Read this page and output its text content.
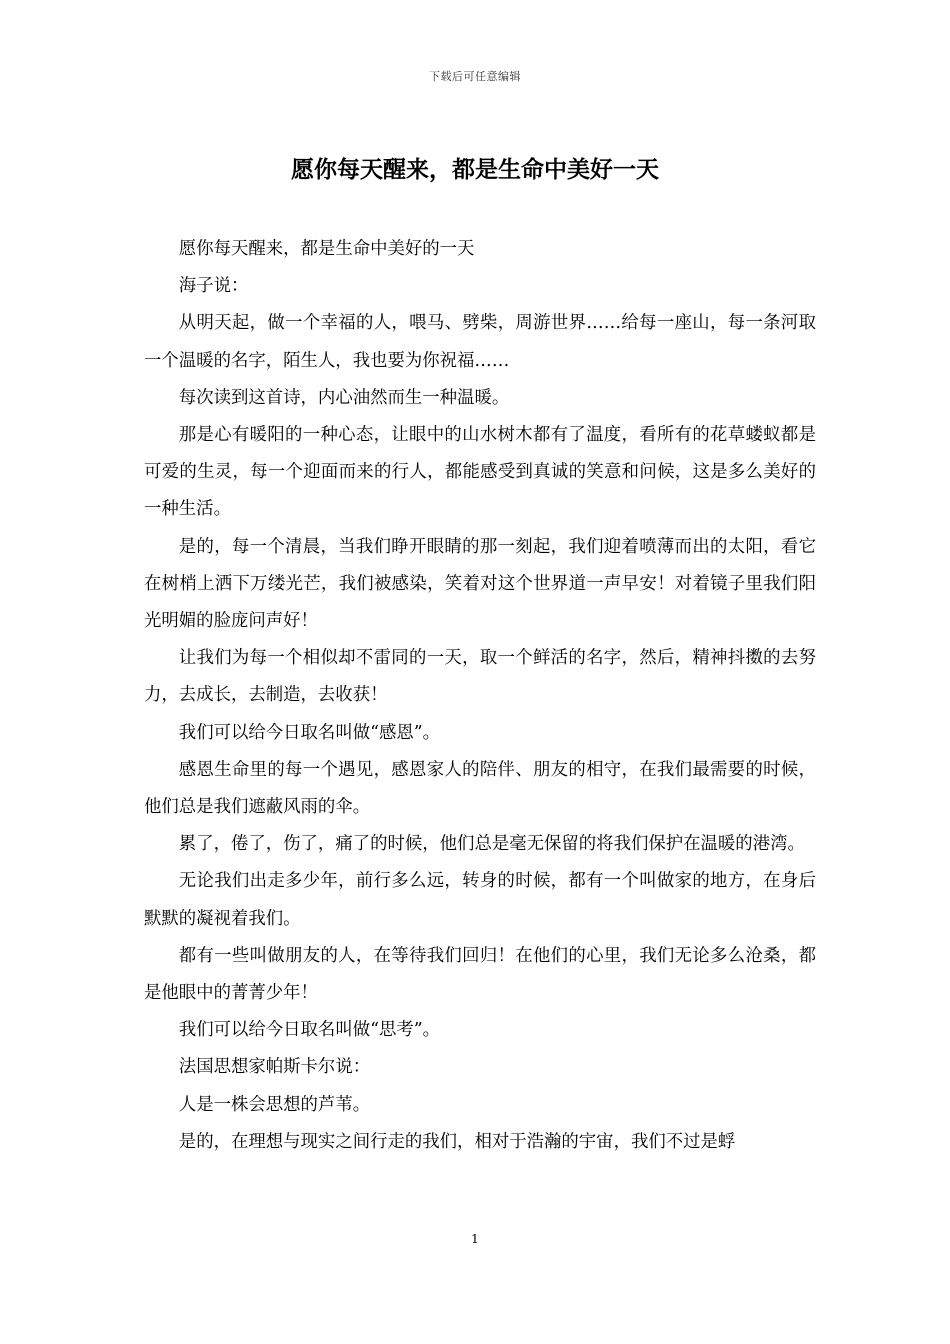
下载后可任意编辑
愿你每天醒来，都是生命中美好一天

愿你每天醒来，都是生命中美好的一天

海子说：

从明天起，做一个幸福的人，喂马、劈柴，周游世界……给每一座山，每一条河取一个温暖的名字，陌生人，我也要为你祝福……

每次读到这首诗，内心油然而生一种温暖。

那是心有暖阳的一种心态，让眼中的山水树木都有了温度，看所有的花草蝼蚁都是可爱的生灵，每一个迎面而来的行人，都能感受到真诚的笑意和问候，这是多么美好的一种生活。

是的，每一个清晨，当我们睁开眼睛的那一刻起，我们迎着喷薄而出的太阳，看它在树梢上洒下万缕光芒，我们被感染，笑着对这个世界道一声早安！对着镜子里我们阳光明媚的脸庞问声好！

让我们为每一个相似却不雷同的一天，取一个鲜活的名字，然后，精神抖擞的去努力，去成长，去制造，去收获！

我们可以给今日取名叫做“感恩”。

感恩生命里的每一个遇见，感恩家人的陪伴、朋友的相守，在我们最需要的时候，他们总是我们遮蔽风雨的伞。

累了，倦了，伤了，痛了的时候，他们总是毫无保留的将我们保护在温暖的港湾。

无论我们出走多少年，前行多么远，转身的时候，都有一个叫做家的地方，在身后默默的凝视着我们。

都有一些叫做朋友的人，在等待我们回归！在他们的心里，我们无论多么沧桑，都是他眼中的菁菁少年！

我们可以给今日取名叫做“思考”。

法国思想家帕斯卡尔说：

人是一株会思想的芦苇。

是的，在理想与现实之间行走的我们，相对于浩瀚的宇宙，我们不过是蜉

1
